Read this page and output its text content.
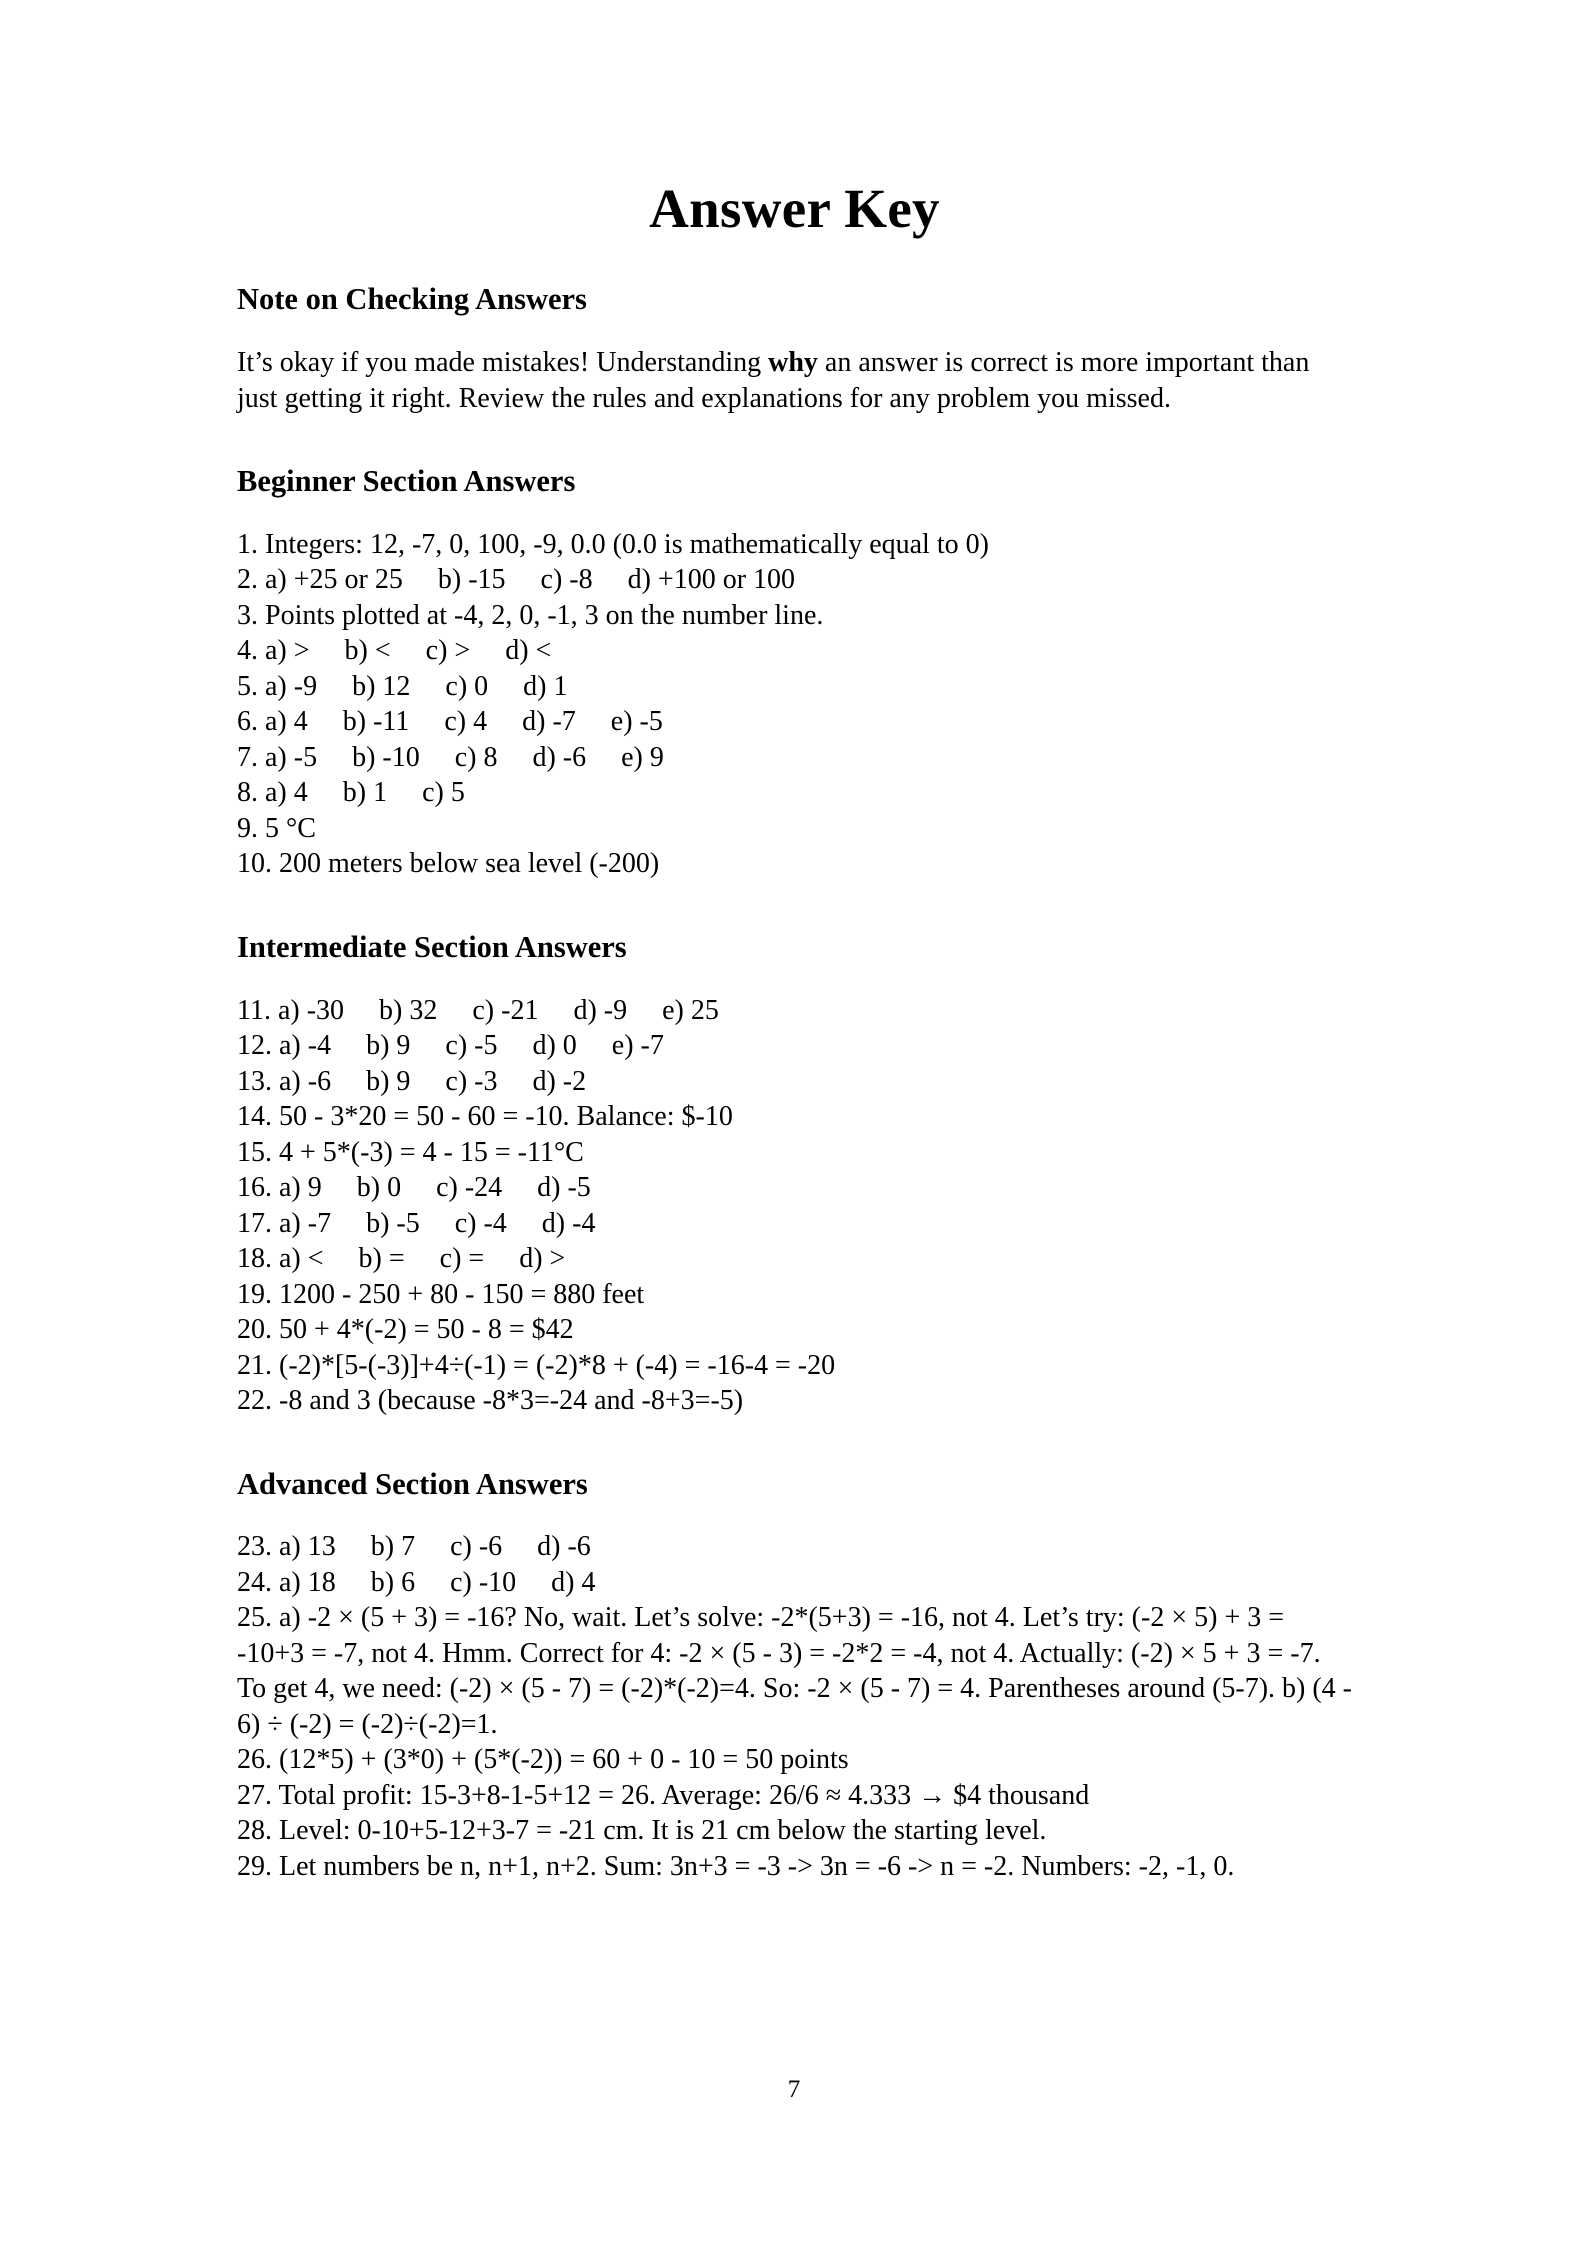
Answer Key
Note on Checking Answers

It’s okay if you made mistakes! Understanding why an answer is correct is more important than just getting it right. Review the rules and explanations for any problem you missed.

Beginner Section Answers
1. Integers: 12, -7, 0, 100, -9, 0.0 (0.0 is mathematically equal to 0)
2. a) +25 or 25     b) -15     c) -8     d) +100 or 100
3. Points plotted at -4, 2, 0, -1, 3 on the number line.
4. a) >     b) <     c) >     d) <
5. a) -9     b) 12     c) 0     d) 1
6. a) 4     b) -11     c) 4     d) -7     e) -5
7. a) -5     b) -10     c) 8     d) -6     e) 9
8. a) 4     b) 1     c) 5
9. 5 °C
10. 200 meters below sea level (-200)
Intermediate Section Answers
11. a) -30     b) 32     c) -21     d) -9     e) 25
12. a) -4     b) 9     c) -5     d) 0     e) -7
13. a) -6     b) 9     c) -3     d) -2
14. 50 - 3*20 = 50 - 60 = -10. Balance: $-10
15. 4 + 5*(-3) = 4 - 15 = -11°C
16. a) 9     b) 0     c) -24     d) -5
17. a) -7     b) -5     c) -4     d) -4
18. a) <     b) =     c) =     d) >
19. 1200 - 250 + 80 - 150 = 880 feet
20. 50 + 4*(-2) = 50 - 8 = $42
21. (-2)*[5-(-3)]+4÷(-1) = (-2)*8 + (-4) = -16-4 = -20
22. -8 and 3 (because -8*3=-24 and -8+3=-5)
Advanced Section Answers
23. a) 13     b) 7     c) -6     d) -6
24. a) 18     b) 6     c) -10     d) 4
25. a) -2 × (5 + 3) = -16? No, wait. Let’s solve: -2*(5+3) = -16, not 4. Let’s try: (-2 × 5) + 3 = -10+3 = -7, not 4. Hmm. Correct for 4: -2 × (5 - 3) = -2*2 = -4, not 4. Actually: (-2) × 5 + 3 = -7. To get 4, we need: (-2) × (5 - 7) = (-2)*(-2)=4. So: -2 × (5 - 7) = 4. Parentheses around (5-7). b) (4 - 6) ÷ (-2) = (-2)÷(-2)=1.
26. (12*5) + (3*0) + (5*(-2)) = 60 + 0 - 10 = 50 points
27. Total profit: 15-3+8-1-5+12 = 26. Average: 26/6 ≈ 4.333 → $4 thousand
28. Level: 0-10+5-12+3-7 = -21 cm. It is 21 cm below the starting level.
29. Let numbers be n, n+1, n+2. Sum: 3n+3 = -3 -> 3n = -6 -> n = -2. Numbers: -2, -1, 0.
7
